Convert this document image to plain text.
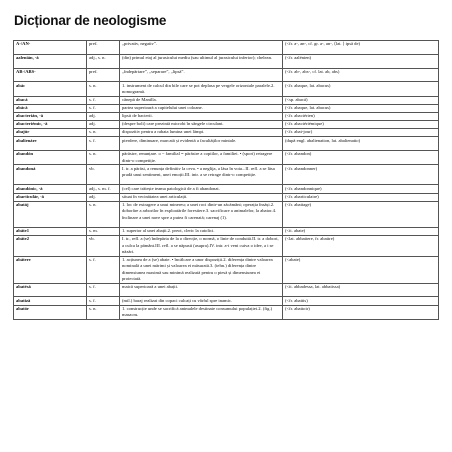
Dicționar de neologisme
A-/AN-	pref.	„privativ, negativ”.	(<fr. a-, an-, cf. gr. a-, an-, ⟨lat. ⟩ ipsă de)
aalenián, -ă	adj., s. n.	(din) primul etaj al jurasicului mediu (sau ultimul al jurasicului inferior); chelean.	(<fr. aalénien)
AB-/ABS-	pref.	„îndepărtare”, „separare”, „lipsă”.	(<fr. ab-, abs-, cf. lat. ab, abs)
abác	s. n.	1. instrument de calcul din bile care se pot deplasa pe vergele orizontale paralele.2. nomogramă.	(<fr. abaque, lat. abacus)
abacá	s. f.	cânepă de Manilla.	(<sp. abacá)
abácă	s. f.	partea superioară a capitelului unei coloane.	(<fr. abaque, lat. abacus)
abacterián, -ă	adj.	lipsit de bacterii.	(<fr. abactérien)
abacteriémic, -ă	adj.	(despre boli) care prezintă microbi în sângele circulant.	(<fr. abactériémique)
abajúr	s. n.	dispozitiv pentru a rabata lumina unei lămpi.	(<fr. abat-jour)
abalienáre	s. f.	pierdere, diminuare, marcată și evidentă a facultăților mintale.	(după engl. abalienation, lat. abalienatio)
abandón	s. n.	părăsire, renunțare. o ~ familial = părăsire a copiilor, a familiei. • (sport) retragere dintr-o competiție.	(<fr. abandon)
abandoná	vb.	I. tr. a părăsi, a renunța definitiv la ceva. • a neglija, a lăsa în voia...II. refl. a se lăsa pradă unui sentiment, unei emoții.III. intr. a se retrage dintr-o competiție.	(<fr. abandonner)
abandónic, -ă	adj., s. m. f.	(cel) care trăiește teama patologică de a fi abandonat.	(<fr. abandonnique)
abarticulár, -ă	adj.	situat în vecinătatea unei articulații.	(<fr. abarticulaire)
abatáj	s. n.	1. loc de extragere a unui minereu; a unei roci dintr-un zăcământ; operația însăși.2. doborâre a arborilor în exploatările forestiere.3. sacrificare a animalelor, la abator.4. înclinare a unei nave spre a putea fi carenată; carenaj (1).	(<fr. abattage)
abáte1	s. m.	1. superior al unei abații.2. preot, cleric la catolici.	(<it. abate)
abáte2	vb.	I. tr., refl. a (se) îndepărta de la o direcție, o normă, o linie de conduită.II. tr. a dobori, a culca la pământ.III. refl. a se năpusti (asupra).IV. intr. a-i veni cuiva o idee, a i se năzări.	(<lat. abbattere, fr. abattre)
abátere	s. f.	1. acțiunea de a (se) abate. • încălcare a unor dispoziții.2. diferența dintre valoarea nominală a unei mărimi și valoarea ei măsurată.3. (tehn.) diferența dintre dimensiunea maximă sau minimă realizată pentru o piesă și dimensiunea ei proiectată.	(<abate)
abatésă	s. f.	maică superioară a unei abații.	(<it. abbadessa, lat. abbatissa)
abatíză	s. f.	(mil.) baraj realizat din copaci culcați cu vârful spre inamic.	(<fr. abattis)
abatór	s. n.	1. construcție unde se sacrifică animalele destinate consumului populației.2. (fig.) masacru.	(<fr. abattoir)
